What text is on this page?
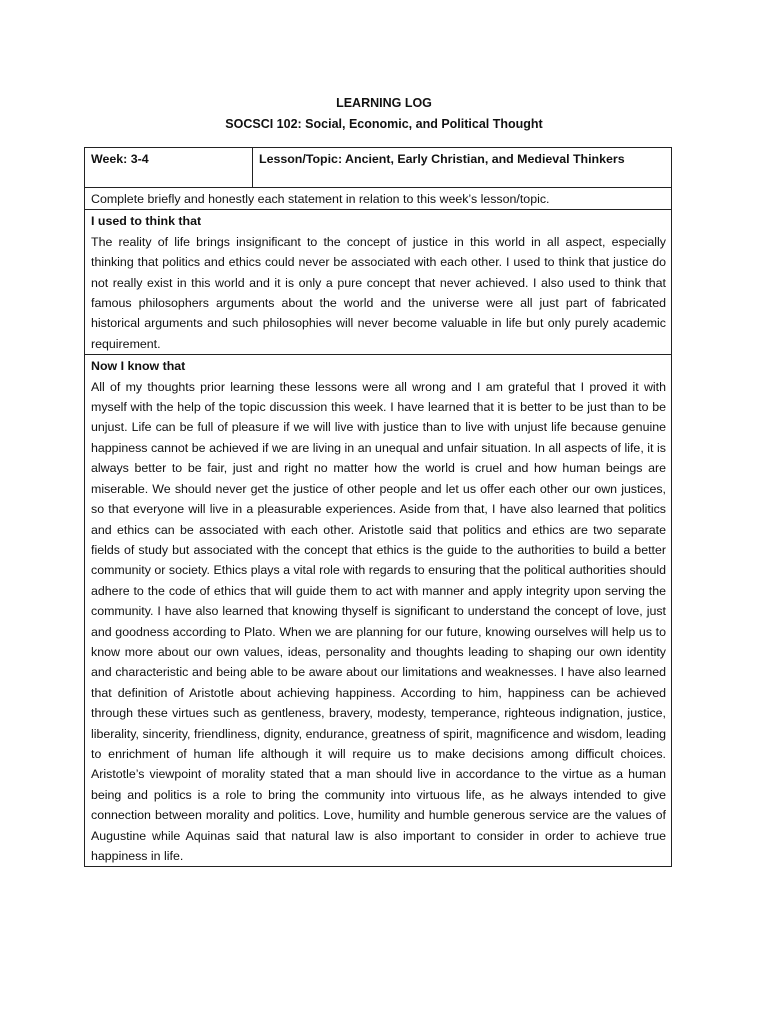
LEARNING LOG
SOCSCI 102: Social, Economic, and Political Thought
Week: 3-4	Lesson/Topic: Ancient, Early Christian, and Medieval Thinkers
Complete briefly and honestly each statement in relation to this week’s lesson/topic.

I used to think that
The reality of life brings insignificant to the concept of justice in this world in all aspect, especially thinking that politics and ethics could never be associated with each other. I used to think that justice do not really exist in this world and it is only a pure concept that never achieved. I also used to think that famous philosophers arguments about the world and the universe were all just part of fabricated historical arguments and such philosophies will never become valuable in life but only purely academic requirement.

Now I know that
All of my thoughts prior learning these lessons were all wrong and I am grateful that I proved it with myself with the help of the topic discussion this week. I have learned that it is better to be just than to be unjust. Life can be full of pleasure if we will live with justice than to live with unjust life because genuine happiness cannot be achieved if we are living in an unequal and unfair situation. In all aspects of life, it is always better to be fair, just and right no matter how the world is cruel and how human beings are miserable. We should never get the justice of other people and let us offer each other our own justices, so that everyone will live in a pleasurable experiences. Aside from that, I have also learned that politics and ethics can be associated with each other. Aristotle said that politics and ethics are two separate fields of study but associated with the concept that ethics is the guide to the authorities to build a better community or society. Ethics plays a vital role with regards to ensuring that the political authorities should adhere to the code of ethics that will guide them to act with manner and apply integrity upon serving the community. I have also learned that knowing thyself is significant to understand the concept of love, just and goodness according to Plato. When we are planning for our future, knowing ourselves will help us to know more about our own values, ideas, personality and thoughts leading to shaping our own identity and characteristic and being able to be aware about our limitations and weaknesses. I have also learned that definition of Aristotle about achieving happiness. According to him, happiness can be achieved through these virtues such as gentleness, bravery, modesty, temperance, righteous indignation, justice, liberality, sincerity, friendliness, dignity, endurance, greatness of spirit, magnificence and wisdom, leading to enrichment of human life although it will require us to make decisions among difficult choices. Aristotle’s viewpoint of morality stated that a man should live in accordance to the virtue as a human being and politics is a role to bring the community into virtuous life, as he always intended to give connection between morality and politics. Love, humility and humble generous service are the values of Augustine while Aquinas said that natural law is also important to consider in order to achieve true happiness in life.
